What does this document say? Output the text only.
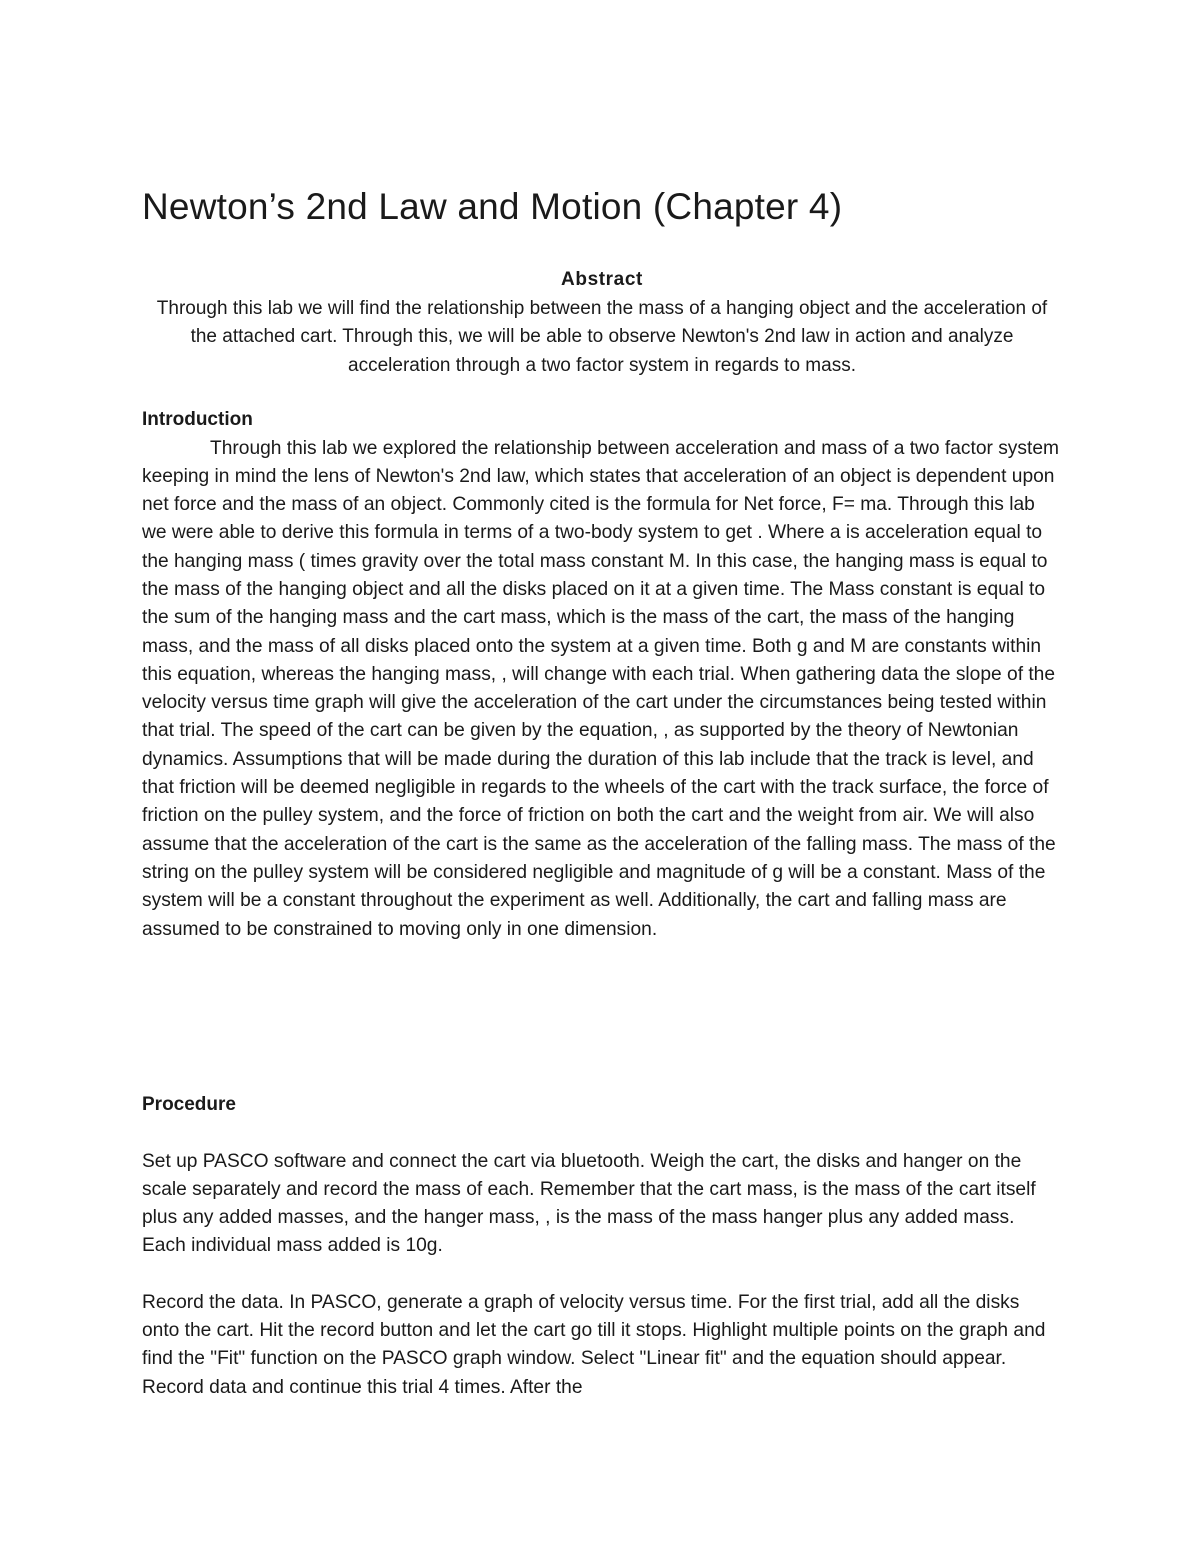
Newton’s 2nd Law and Motion (Chapter 4)

Abstract

Through this lab we will find the relationship between the mass of a hanging object and the acceleration of the attached cart. Through this, we will be able to observe Newton's 2nd law in action and analyze acceleration through a two factor system in regards to mass.

Introduction

Through this lab we explored the relationship between acceleration and mass of a two factor system keeping in mind the lens of Newton's 2nd law, which states that acceleration of an object is dependent upon net force and the mass of an object. Commonly cited is the formula for Net force, F= ma. Through this lab we were able to derive this formula in terms of a two-body system to get . Where a is acceleration equal to the hanging mass ( times gravity over the total mass constant M. In this case, the hanging mass is equal to the mass of the hanging object and all the disks placed on it at a given time. The Mass constant is equal to the sum of the hanging mass and the cart mass, which is the mass of the cart, the mass of the hanging mass, and the mass of all disks placed onto the system at a given time. Both g and M are constants within this equation, whereas the hanging mass, , will change with each trial. When gathering data the slope of the velocity versus time graph will give the acceleration of the cart under the circumstances being tested within that trial. The speed of the cart can be given by the equation, , as supported by the theory of Newtonian dynamics. Assumptions that will be made during the duration of this lab include that the track is level, and that friction will be deemed negligible in regards to the wheels of the cart with the track surface, the force of friction on the pulley system, and the force of friction on both the cart and the weight from air. We will also assume that the acceleration of the cart is the same as the acceleration of the falling mass. The mass of the string on the pulley system will be considered negligible and magnitude of g will be a constant. Mass of the system will be a constant throughout the experiment as well. Additionally, the cart and falling mass are assumed to be constrained to moving only in one dimension.

Procedure

Set up PASCO software and connect the cart via bluetooth. Weigh the cart, the disks and hanger on the scale separately and record the mass of each. Remember that the cart mass, is the mass of the cart itself plus any added masses, and the hanger mass, , is the mass of the mass hanger plus any added mass. Each individual mass added is 10g.

Record the data. In PASCO, generate a graph of velocity versus time. For the first trial, add all the disks onto the cart. Hit the record button and let the cart go till it stops. Highlight multiple points on the graph and find the "Fit" function on the PASCO graph window. Select "Linear fit" and the equation should appear. Record data and continue this trial 4 times. After the
